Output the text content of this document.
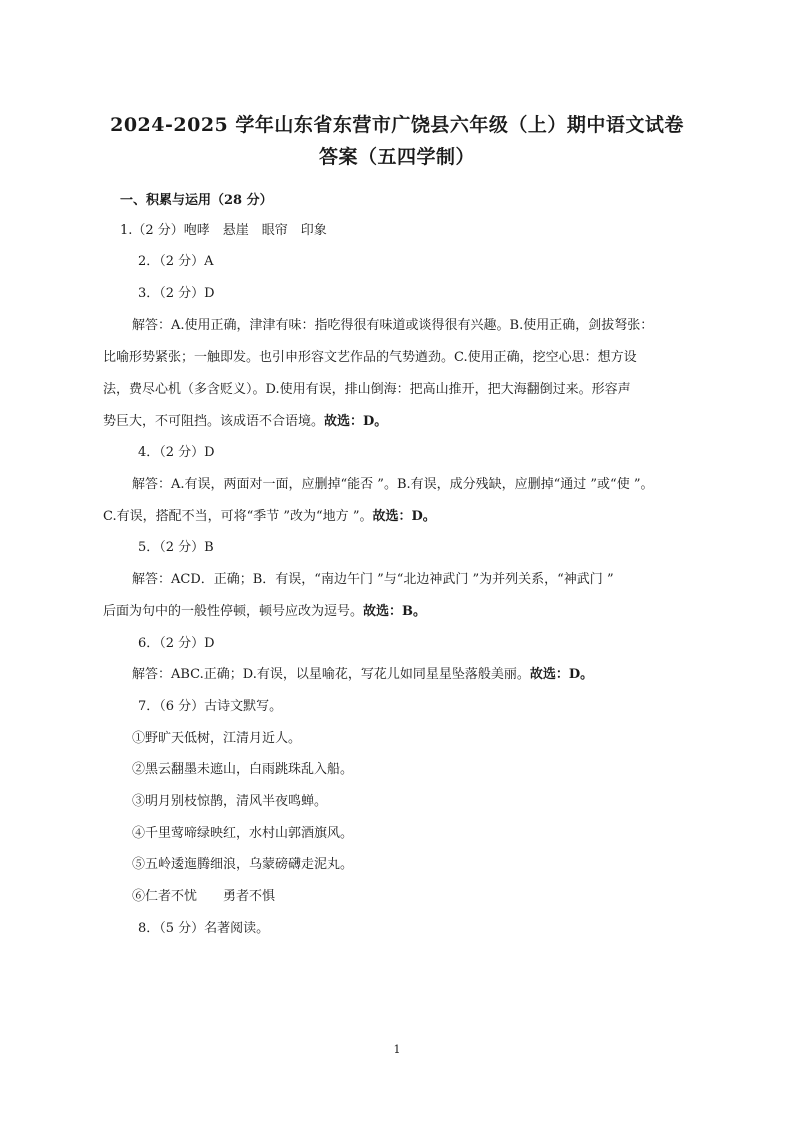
2024-2025 学年山东省东营市广饶县六年级（上）期中语文试卷
答案（五四学制）
一、积累与运用（28 分）
1.（2 分）咆哮　悬崖　眼帘　印象
2．（2 分）A
3．（2 分）D
解答：A.使用正确，津津有味：指吃得很有味道或谈得很有兴趣。B.使用正确，剑拔弩张：
比喻形势紧张；一触即发。也引申形容文艺作品的气势遒劲。C.使用正确，挖空心思：想方设
法，费尽心机（多含贬义）。D.使用有误，排山倒海：把高山推开，把大海翻倒过来。形容声
势巨大，不可阻挡。该成语不合语境。故选：D。
4．（2 分）D
解答：A.有误，两面对一面，应删掉“能否 ”。B.有误，成分残缺，应删掉“通过 ”或“使 ”。
C.有误，搭配不当，可将“季节 ”改为“地方 ”。故选：D。
5．（2 分）B
解答：ACD．正确；B．有误，“南边午门 ”与“北边神武门 ”为并列关系，“神武门 ”
后面为句中的一般性停顿，顿号应改为逗号。故选：B。
6．（2 分）D
解答：ABC.正确；D.有误，以星喻花，写花儿如同星星坠落般美丽。故选：D。
7．（6 分）古诗文默写。
①野旷天低树，江清月近人。
②黑云翻墨未遮山，白雨跳珠乱入船。
③明月别枝惊鹊，清风半夜鸣蝉。
④千里莺啼绿映红，水村山郭酒旗风。
⑤五岭逶迤腾细浪，乌蒙磅礴走泥丸。
⑥仁者不忧　　勇者不惧
8．（5 分）名著阅读。
1
